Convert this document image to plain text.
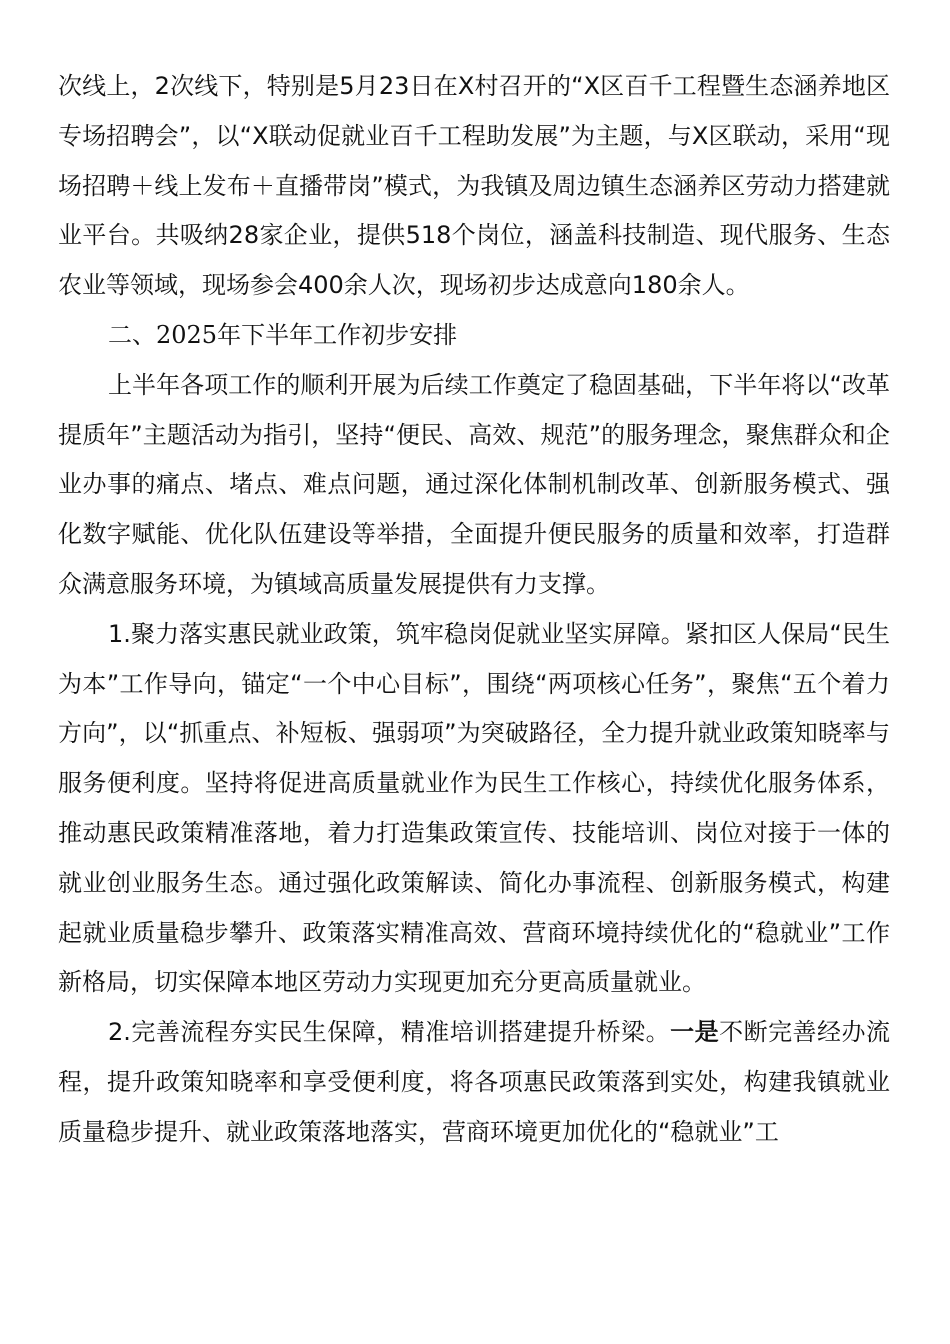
次线上，2次线下，特别是5月23日在X村召开的“X区百千工程暨生态涵养地区专场招聘会”，以“X联动促就业百千工程助发展”为主题，与X区联动，采用“现场招聘＋线上发布＋直播带岗”模式，为我镇及周边镇生态涵养区劳动力搭建就业平台。共吸纳28家企业，提供518个岗位，涵盖科技制造、现代服务、生态农业等领域，现场参会400余人次，现场初步达成意向180余人。

二、2025年下半年工作初步安排

上半年各项工作的顺利开展为后续工作奠定了稳固基础，下半年将以“改革提质年”主题活动为指引，坚持“便民、高效、规范”的服务理念，聚焦群众和企业办事的痛点、堵点、难点问题，通过深化体制机制改革、创新服务模式、强化数字赋能、优化队伍建设等举措，全面提升便民服务的质量和效率，打造群众满意服务环境，为镇域高质量发展提供有力支撑。

1.聚力落实惠民就业政策，筑牢稳岗促就业坚实屏障。紧扣区人保局“民生为本”工作导向，锚定“一个中心目标”，围绕“两项核心任务”，聚焦“五个着力方向”，以“抓重点、补短板、强弱项”为突破路径，全力提升就业政策知晓率与服务便利度。坚持将促进高质量就业作为民生工作核心，持续优化服务体系，推动惠民政策精准落地，着力打造集政策宣传、技能培训、岗位对接于一体的就业创业服务生态。通过强化政策解读、简化办事流程、创新服务模式，构建起就业质量稳步攀升、政策落实精准高效、营商环境持续优化的“稳就业”工作新格局，切实保障本地区劳动力实现更加充分更高质量就业。

2.完善流程夯实民生保障，精准培训搭建提升桥梁。一是不断完善经办流程，提升政策知晓率和享受便利度，将各项惠民政策落到实处，构建我镇就业质量稳步提升、就业政策落地落实，营商环境更加优化的“稳就业”工
